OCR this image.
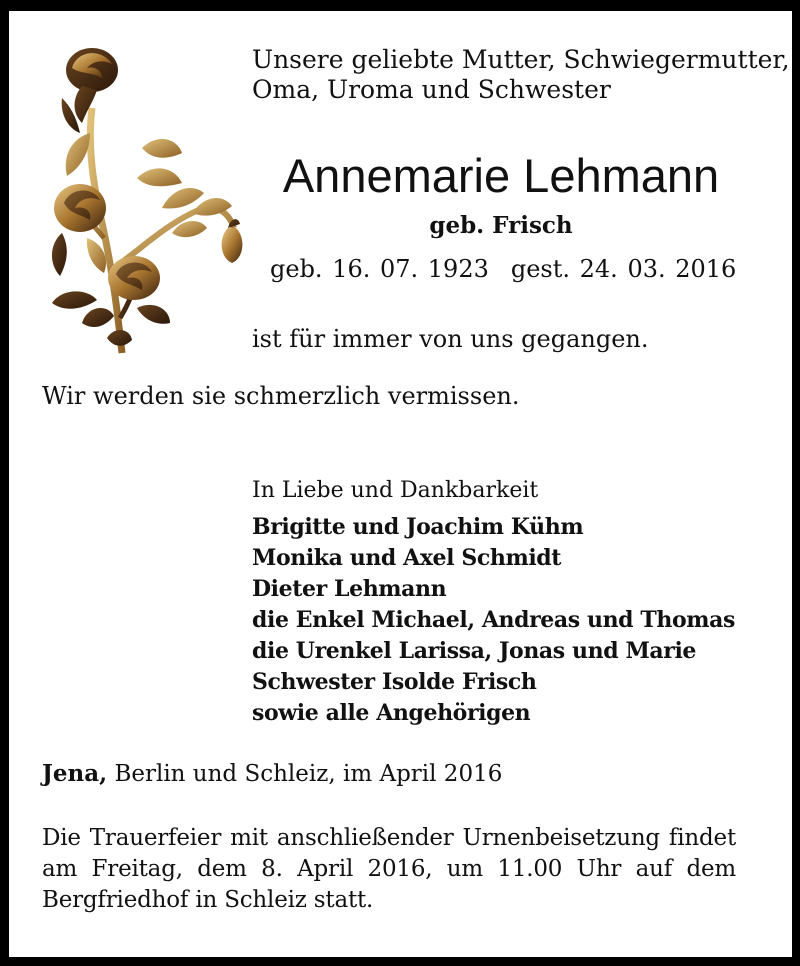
Unsere geliebte Mutter, Schwiegermutter,
Oma, Uroma und Schwester
Annemarie Lehmann
geb. Frisch
geb. 16. 07. 1923 gest. 24. 03. 2016
ist für immer von uns gegangen.
Wir werden sie schmerzlich vermissen.
In Liebe und Dankbarkeit
Brigitte und Joachim Kühm
Monika und Axel Schmidt
Dieter Lehmann
die Enkel Michael, Andreas und Thomas
die Urenkel Larissa, Jonas und Marie
Schwester Isolde Frisch
sowie alle Angehörigen
Jena, Berlin und Schleiz, im April 2016
Die Trauerfeier mit anschließender Urnenbeisetzung findet am Freitag, dem 8. April 2016, um 11.00 Uhr auf dem Bergfriedhof in Schleiz statt.
